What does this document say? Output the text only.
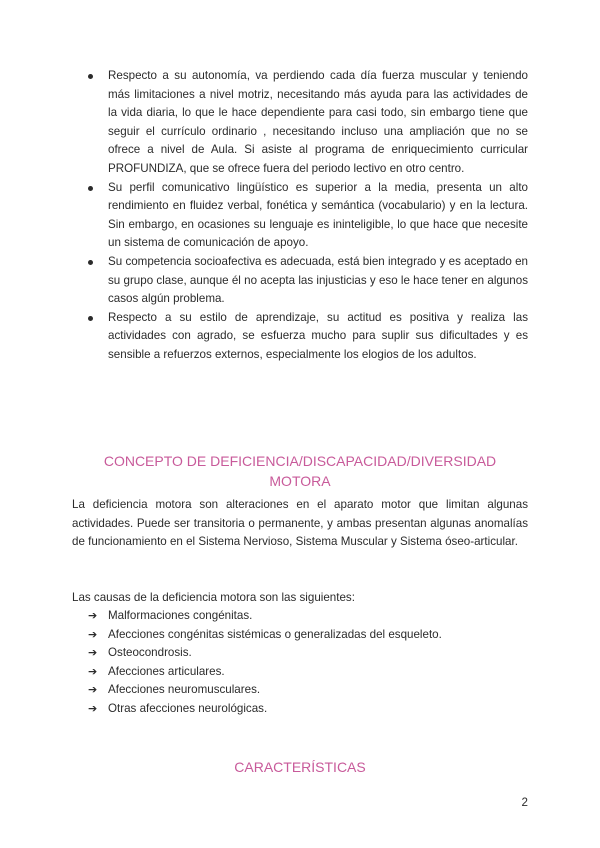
Respecto a su autonomía, va perdiendo cada día fuerza muscular y teniendo más limitaciones a nivel motriz, necesitando más ayuda para las actividades de la vida diaria, lo que le hace dependiente para casi todo, sin embargo tiene que seguir el currículo ordinario , necesitando incluso una ampliación que no se ofrece a nivel de Aula. Si asiste al programa de enriquecimiento curricular PROFUNDIZA, que se ofrece fuera del periodo lectivo en otro centro.
Su perfil comunicativo lingüístico es superior a la media, presenta un alto rendimiento en fluidez verbal, fonética y semántica (vocabulario) y en la lectura. Sin embargo, en ocasiones su lenguaje es ininteligible, lo que hace que necesite un sistema de comunicación de apoyo.
Su competencia socioafectiva es adecuada, está bien integrado y es aceptado en su grupo clase, aunque él no acepta las injusticias y eso le hace tener en algunos casos algún problema.
Respecto a su estilo de aprendizaje, su actitud es positiva y realiza las actividades con agrado, se esfuerza mucho para suplir sus dificultades y es sensible a refuerzos externos, especialmente los elogios de los adultos.
CONCEPTO DE DEFICIENCIA/DISCAPACIDAD/DIVERSIDAD MOTORA

La deficiencia motora son alteraciones en el aparato motor que limitan algunas actividades. Puede ser transitoria o permanente, y ambas presentan algunas anomalías de funcionamiento en el Sistema Nervioso, Sistema Muscular y Sistema óseo-articular.

Las causas de la deficiencia motora son las siguientes:

➔ Malformaciones congénitas.
➔ Afecciones congénitas sistémicas o generalizadas del esqueleto.
➔ Osteocondrosis.
➔ Afecciones articulares.
➔ Afecciones neuromusculares.
➔ Otras afecciones neurológicas.
CARACTERÍSTICAS
2
